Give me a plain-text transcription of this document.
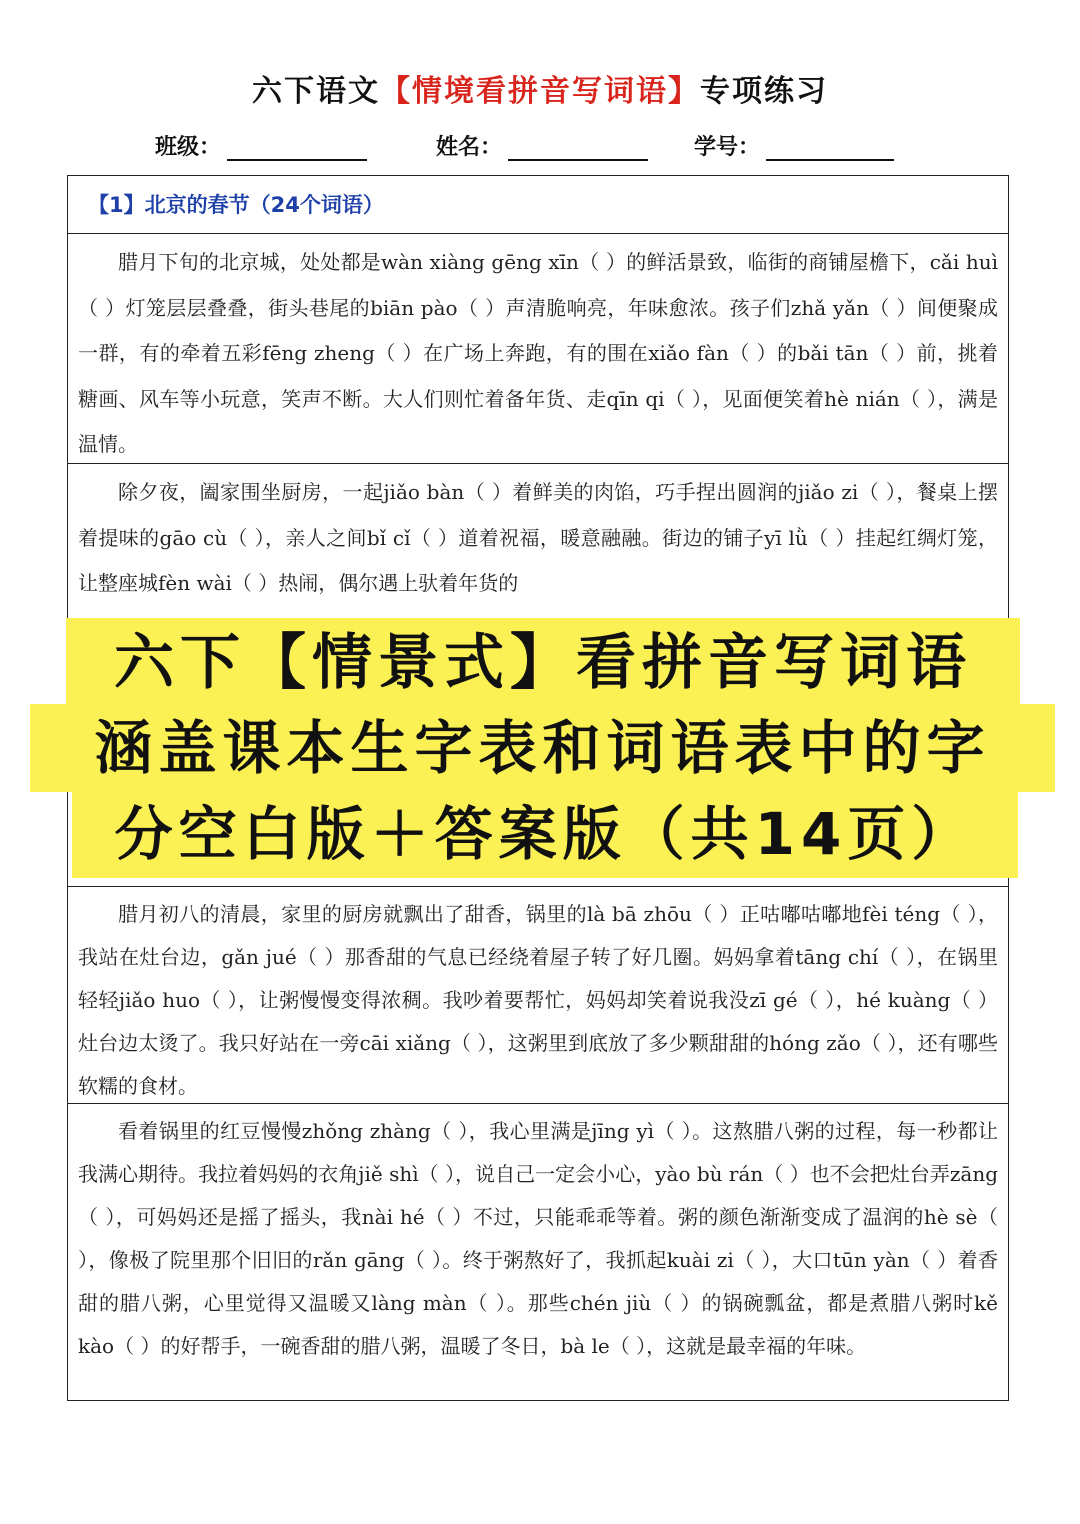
六下语文【情境看拼音写词语】专项练习
班级：	姓名：	学号：
【1】北京的春节（24个词语）
腊月下旬的北京城，处处都是wàn xiàng gēng xīn（ ）的鲜活景致，临街的商铺屋檐下，cǎi huì（ ）灯笼层层叠叠，街头巷尾的biān pào（ ）声清脆响亮，年味愈浓。孩子们zhǎ yǎn（ ）间便聚成一群，有的牵着五彩fēng zheng（ ）在广场上奔跑，有的围在xiǎo fàn（ ）的bǎi tān（ ）前，挑着糖画、风车等小玩意，笑声不断。大人们则忙着备年货、走qīn qi（ ），见面便笑着hè nián（ ），满是温情。
除夕夜，阖家围坐厨房，一起jiǎo bàn（ ）着鲜美的肉馅，巧手捏出圆润的jiǎo zi（ ），餐桌上摆着提味的gāo cù（ ），亲人之间bǐ cǐ（ ）道着祝福，暖意融融。街边的铺子yī lǜ（ ）挂起红绸灯笼，让整座城fèn wài（ ）热闹，偶尔遇上驮着年货的
腊月初八的清晨，家里的厨房就飘出了甜香，锅里的là bā zhōu（ ）正咕嘟咕嘟地fèi téng（ ），我站在灶台边，gǎn jué（ ）那香甜的气息已经绕着屋子转了好几圈。妈妈拿着tāng chí（ ），在锅里轻轻jiǎo huo（ ），让粥慢慢变得浓稠。我吵着要帮忙，妈妈却笑着说我没zī gé（ ），hé kuàng（ ）灶台边太烫了。我只好站在一旁cāi xiǎng（ ），这粥里到底放了多少颗甜甜的hóng zǎo（ ），还有哪些软糯的食材。
看着锅里的红豆慢慢zhǒng zhàng（ ），我心里满是jīng yì（ ）。这熬腊八粥的过程，每一秒都让我满心期待。我拉着妈妈的衣角jiě shì（ ），说自己一定会小心，yào bù rán（ ）也不会把灶台弄zāng（ ），可妈妈还是摇了摇头，我nài hé（ ）不过，只能乖乖等着。粥的颜色渐渐变成了温润的hè sè（ ），像极了院里那个旧旧的rǎn gāng（ ）。终于粥熬好了，我抓起kuài zi（ ），大口tūn yàn（ ）着香甜的腊八粥，心里觉得又温暖又làng màn（ ）。那些chén jiù（ ）的锅碗瓢盆，都是煮腊八粥时kě kào（ ）的好帮手，一碗香甜的腊八粥，温暖了冬日，bà le（ ），这就是最幸福的年味。
六下【情景式】看拼音写词语
涵盖课本生字表和词语表中的字
分空白版＋答案版（共14页）
